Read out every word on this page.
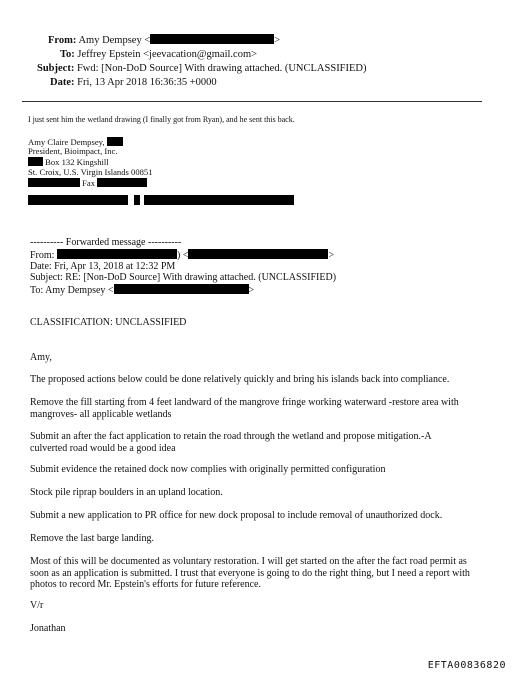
From: Amy Dempsey <	>
To: Jeffrey Epstein <jeevacation@gmail.com>
Subject: Fwd: [Non-DoD Source] With drawing attached. (UNCLASSIFIED)
Date: Fri, 13 Apr 2018 16:36:35 +0000
I just sent him the wetland drawing (I finally got from Ryan), and he sent this back.
Amy Claire Dempsey,
President, Bioimpact, Inc.
Box 132 Kingshill
St. Croix, U.S. Virgin Islands 00851
Fax
---------- Forwarded message ----------
From:	) <	>
Date: Fri, Apr 13, 2018 at 12:32 PM
Subject: RE: [Non-DoD Source] With drawing attached. (UNCLASSIFIED)
To: Amy Dempsey <	>
CLASSIFICATION: UNCLASSIFIED
Amy,
The proposed actions below could be done relatively quickly and bring his islands back into compliance.
Remove the fill starting from 4 feet landward of the mangrove fringe working waterward -restore area with mangroves- all applicable wetlands
Submit an after the fact application to retain the road through the wetland and propose mitigation.-A culverted road would be a good idea
Submit evidence the retained dock now complies with originally permitted configuration
Stock pile riprap boulders in an upland location.
Submit a new application to PR office for new dock proposal to include removal of unauthorized dock.
Remove the last barge landing.
Most of this will be documented as voluntary restoration. I will get started on the after the fact road permit as soon as an application is submitted. I trust that everyone is going to do the right thing, but I need a report with photos to record Mr. Epstein's efforts for future reference.
V/r
Jonathan
EFTA00836820
